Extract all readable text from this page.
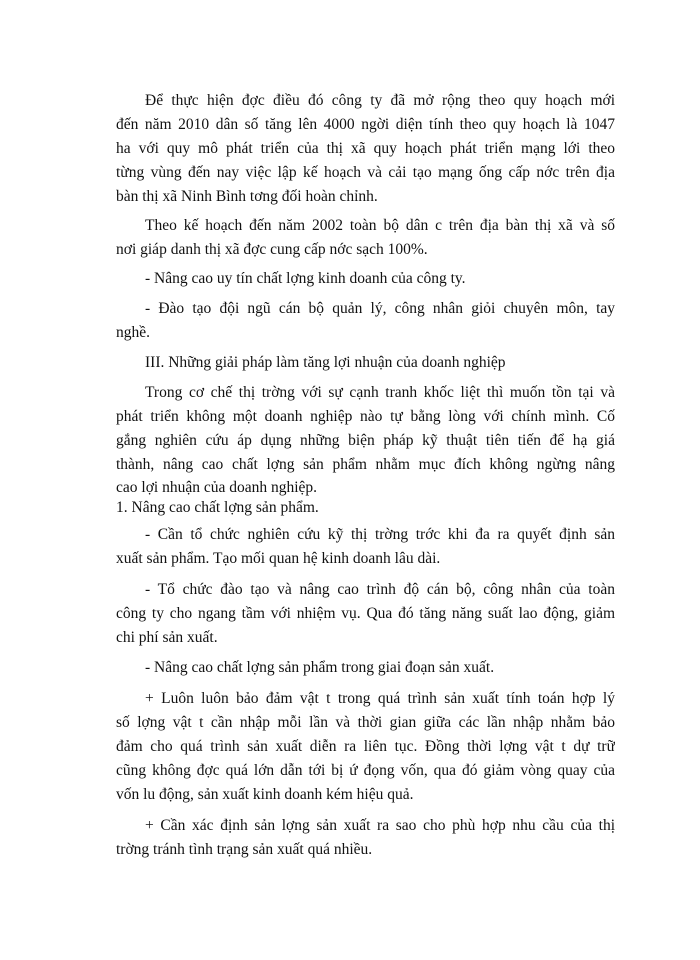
Để thực hiện đợc điều đó công ty đã mở rộng theo quy hoạch mới
đến năm 2010 dân số tăng lên 4000 ngời diện tính theo quy hoạch là 1047
ha với quy mô phát triển của thị xã quy hoạch phát triển mạng lới theo
từng vùng đến nay việc lập kế hoạch và cải tạo mạng ống cấp nớc trên địa
bàn thị xã Ninh Bình tơng đối hoàn chỉnh.
Theo kế hoạch đến năm 2002 toàn bộ dân c trên địa bàn thị xã và số
nơi giáp danh thị xã đợc cung cấp nớc sạch 100%.
- Nâng cao uy tín chất lợng kinh doanh của công ty.
- Đào tạo đội ngũ cán bộ quản lý, công nhân giỏi chuyên môn, tay
nghề.
III. Những giải pháp làm tăng lợi nhuận của doanh nghiệp
Trong cơ chế thị trờng với sự cạnh tranh khốc liệt thì muốn tồn tại và
phát triển không một doanh nghiệp nào tự bằng lòng với chính mình. Cố
gắng nghiên cứu áp dụng những biện pháp kỹ thuật tiên tiến để hạ giá
thành, nâng cao chất lợng sản phẩm nhằm mục đích không ngừng nâng
cao lợi nhuận của doanh nghiệp.
1. Nâng cao chất lợng sản phẩm.
- Cần tổ chức nghiên cứu kỹ thị trờng trớc khi đa ra quyết định sản
xuất sản phẩm. Tạo mối quan hệ kinh doanh lâu dài.
- Tổ chức đào tạo và nâng cao trình độ cán bộ, công nhân của toàn
công ty cho ngang tầm với nhiệm vụ. Qua đó tăng năng suất lao động, giảm
chi phí sản xuất.
- Nâng cao chất lợng sản phẩm trong giai đoạn sản xuất.
+ Luôn luôn bảo đảm vật t trong quá trình sản xuất tính toán hợp lý
số lợng vật t cần nhập mỗi lần và thời gian giữa các lần nhập nhằm bảo
đảm cho quá trình sản xuất diễn ra liên tục. Đồng thời lợng vật t dự trữ
cũng không đợc quá lớn dẫn tới bị ứ đọng vốn, qua đó giảm vòng quay của
vốn lu động, sản xuất kinh doanh kém hiệu quả.
+ Cần xác định sản lợng sản xuất ra sao cho phù hợp nhu cầu của thị
trờng tránh tình trạng sản xuất quá nhiều.
